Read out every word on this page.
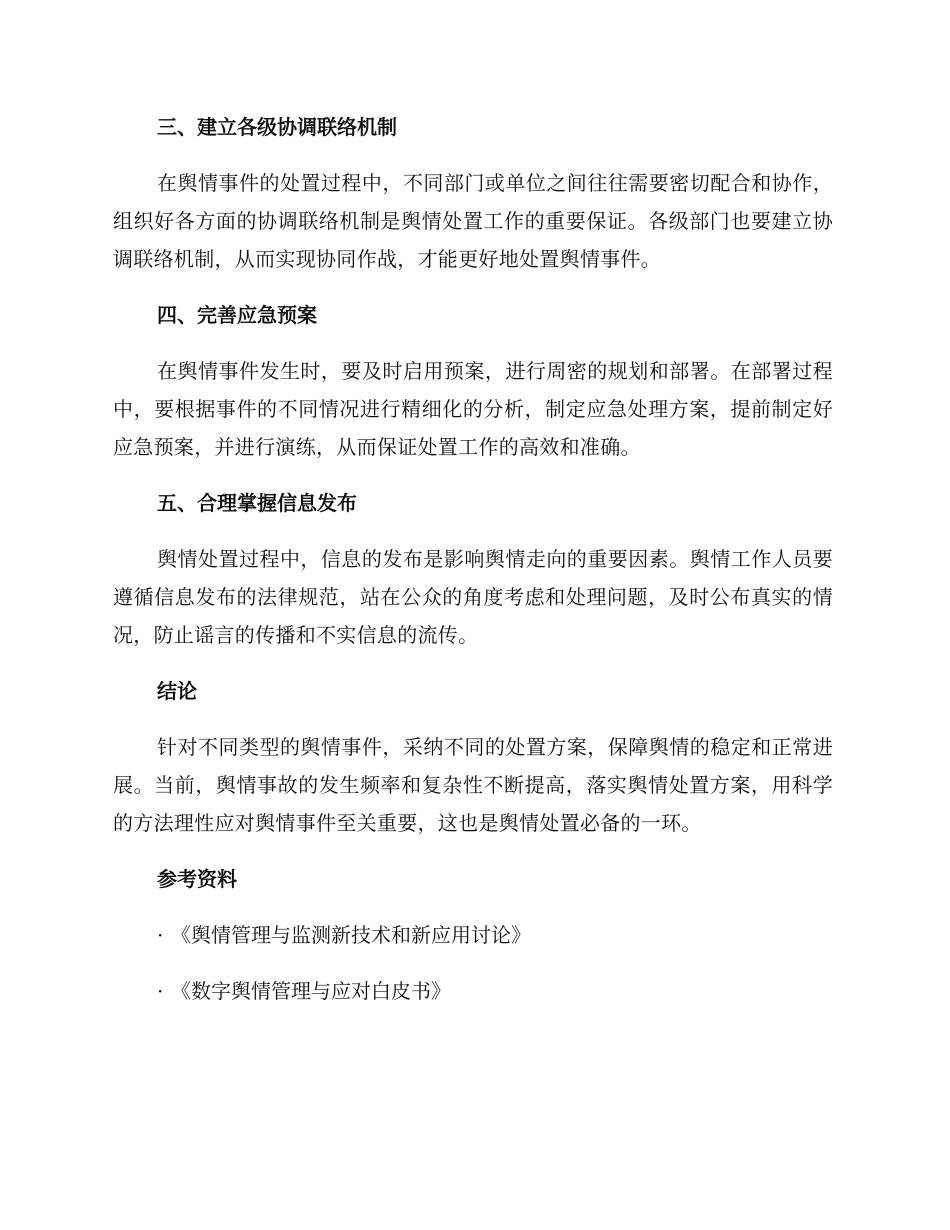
三、建立各级协调联络机制

在舆情事件的处置过程中，不同部门或单位之间往往需要密切配合和协作，组织好各方面的协调联络机制是舆情处置工作的重要保证。各级部门也要建立协调联络机制，从而实现协同作战，才能更好地处置舆情事件。

四、完善应急预案

在舆情事件发生时，要及时启用预案，进行周密的规划和部署。在部署过程中，要根据事件的不同情况进行精细化的分析，制定应急处理方案，提前制定好应急预案，并进行演练，从而保证处置工作的高效和准确。

五、合理掌握信息发布

舆情处置过程中，信息的发布是影响舆情走向的重要因素。舆情工作人员要遵循信息发布的法律规范，站在公众的角度考虑和处理问题，及时公布真实的情况，防止谣言的传播和不实信息的流传。

结论

针对不同类型的舆情事件，采纳不同的处置方案，保障舆情的稳定和正常进展。当前，舆情事故的发生频率和复杂性不断提高，落实舆情处置方案，用科学的方法理性应对舆情事件至关重要，这也是舆情处置必备的一环。

参考资料
· 《舆情管理与监测新技术和新应用讨论》
· 《数字舆情管理与应对白皮书》
